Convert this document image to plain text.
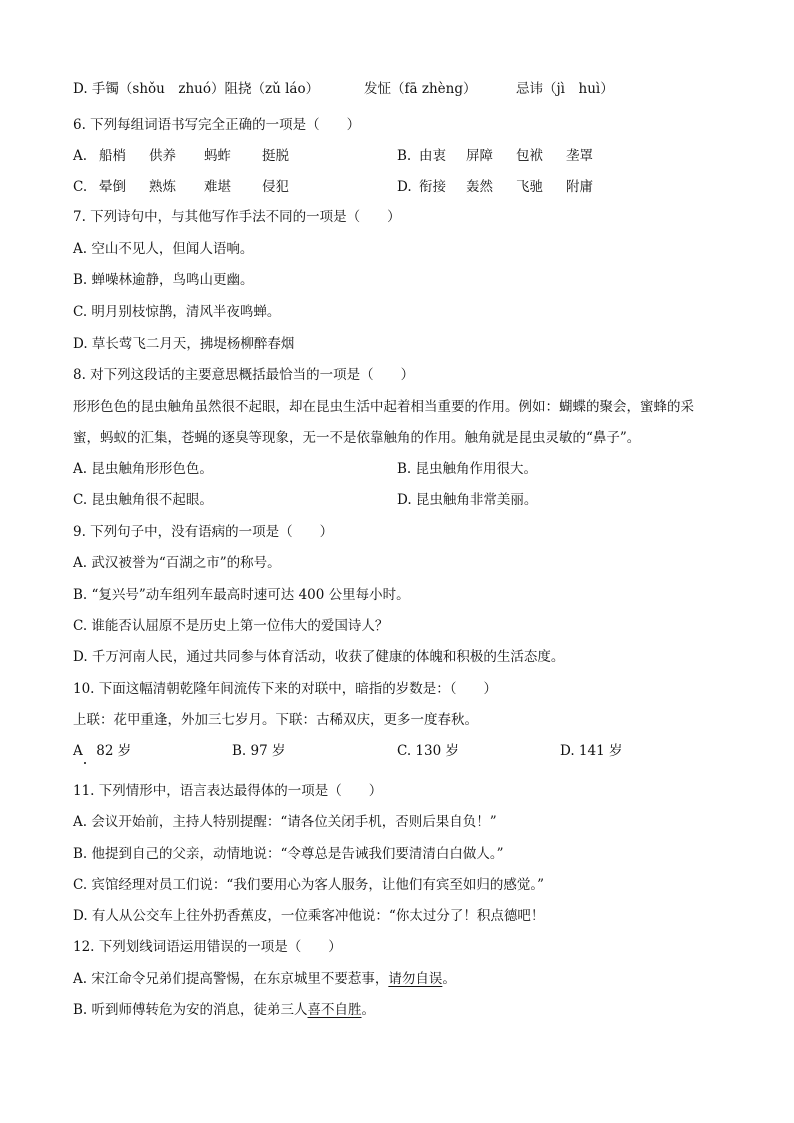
D. 手镯（shǒu　zhuó）阻挠（zǔ láo）	发怔（fā zhèng）	忌讳（jì　huì）
6. 下列每组词语书写完全正确的一项是（　　）
A. 船梢 供养 蚂蚱 挺脱	B. 由衷 屏障 包袱 垄罩
C. 晕倒 熟炼 难堪 侵犯	D. 衔接 轰然 飞驰 附庸
7. 下列诗句中，与其他写作手法不同的一项是（　　）
A. 空山不见人，但闻人语响。
B. 蝉噪林逾静，鸟鸣山更幽。
C. 明月别枝惊鹊，清风半夜鸣蝉。
D. 草长莺飞二月天，拂堤杨柳醉春烟
8. 对下列这段话的主要意思概括最恰当的一项是（　　）
形形色色的昆虫触角虽然很不起眼，却在昆虫生活中起着相当重要的作用。例如：蝴蝶的聚会，蜜蜂的采
蜜，蚂蚁的汇集，苍蝇的逐臭等现象，无一不是依靠触角的作用。触角就是昆虫灵敏的“鼻子”。
A. 昆虫触角形形色色。	B. 昆虫触角作用很大。
C. 昆虫触角很不起眼。	D. 昆虫触角非常美丽。
9. 下列句子中，没有语病的一项是（　　）
A. 武汉被誉为“百湖之市”的称号。
B. “复兴号”动车组列车最高时速可达 400 公里每小时。
C. 谁能否认屈原不是历史上第一位伟大的爱国诗人？
D. 千万河南人民，通过共同参与体育活动，收获了健康的体魄和积极的生活态度。
10. 下面这幅清朝乾隆年间流传下来的对联中，暗指的岁数是：（　　）
上联：花甲重逢，外加三七岁月。下联：古稀双庆，更多一度春秋。
A　82 岁	B. 97 岁	C. 130 岁	D. 141 岁
11. 下列情形中，语言表达最得体的一项是（　　）
A. 会议开始前，主持人特别提醒：“请各位关闭手机，否则后果自负！”
B. 他提到自己的父亲，动情地说：“令尊总是告诫我们要清清白白做人。”
C. 宾馆经理对员工们说：“我们要用心为客人服务，让他们有宾至如归的感觉。”
D. 有人从公交车上往外扔香蕉皮，一位乘客冲他说：“你太过分了！积点德吧！
12. 下列划线词语运用错误的一项是（　　）
A. 宋江命令兄弟们提高警惕，在东京城里不要惹事，请勿自误。
B. 听到师傅转危为安的消息，徒弟三人喜不自胜。
